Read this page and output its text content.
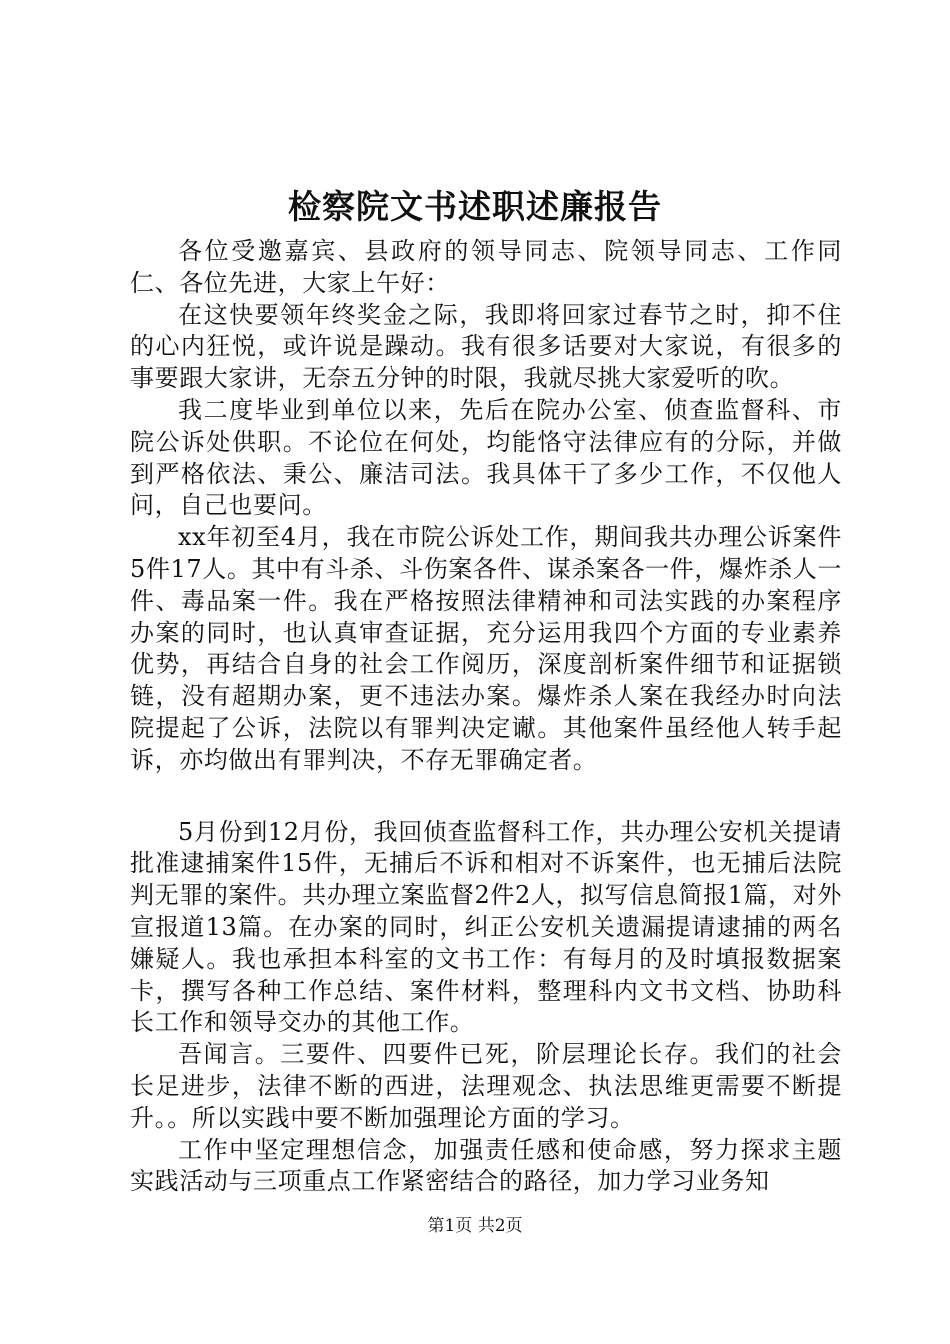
检察院文书述职述廉报告

各位受邀嘉宾、县政府的领导同志、院领导同志、工作同仁、各位先进，大家上午好：

在这快要领年终奖金之际，我即将回家过春节之时，抑不住的心内狂悦，或许说是躁动。我有很多话要对大家说，有很多的事要跟大家讲，无奈五分钟的时限，我就尽挑大家爱听的吹。

我二度毕业到单位以来，先后在院办公室、侦查监督科、市院公诉处供职。不论位在何处，均能恪守法律应有的分际，并做到严格依法、秉公、廉洁司法。我具体干了多少工作，不仅他人问，自己也要问。

xx年初至4月，我在市院公诉处工作，期间我共办理公诉案件5件17人。其中有斗杀、斗伤案各件、谋杀案各一件，爆炸杀人一件、毒品案一件。我在严格按照法律精神和司法实践的办案程序办案的同时，也认真审查证据，充分运用我四个方面的专业素养优势，再结合自身的社会工作阅历，深度剖析案件细节和证据锁链，没有超期办案，更不违法办案。爆炸杀人案在我经办时向法院提起了公诉，法院以有罪判决定谳。其他案件虽经他人转手起诉，亦均做出有罪判决，不存无罪确定者。

5月份到12月份，我回侦查监督科工作，共办理公安机关提请批准逮捕案件15件，无捕后不诉和相对不诉案件，也无捕后法院判无罪的案件。共办理立案监督2件2人，拟写信息简报1篇，对外宣报道13篇。在办案的同时，纠正公安机关遗漏提请逮捕的两名嫌疑人。我也承担本科室的文书工作：有每月的及时填报数据案卡，撰写各种工作总结、案件材料，整理科内文书文档、协助科长工作和领导交办的其他工作。

吾闻言。三要件、四要件已死，阶层理论长存。我们的社会长足进步，法律不断的西进，法理观念、执法思维更需要不断提升。。所以实践中要不断加强理论方面的学习。

工作中坚定理想信念，加强责任感和使命感，努力探求主题实践活动与三项重点工作紧密结合的路径，加力学习业务知

第1页 共2页
